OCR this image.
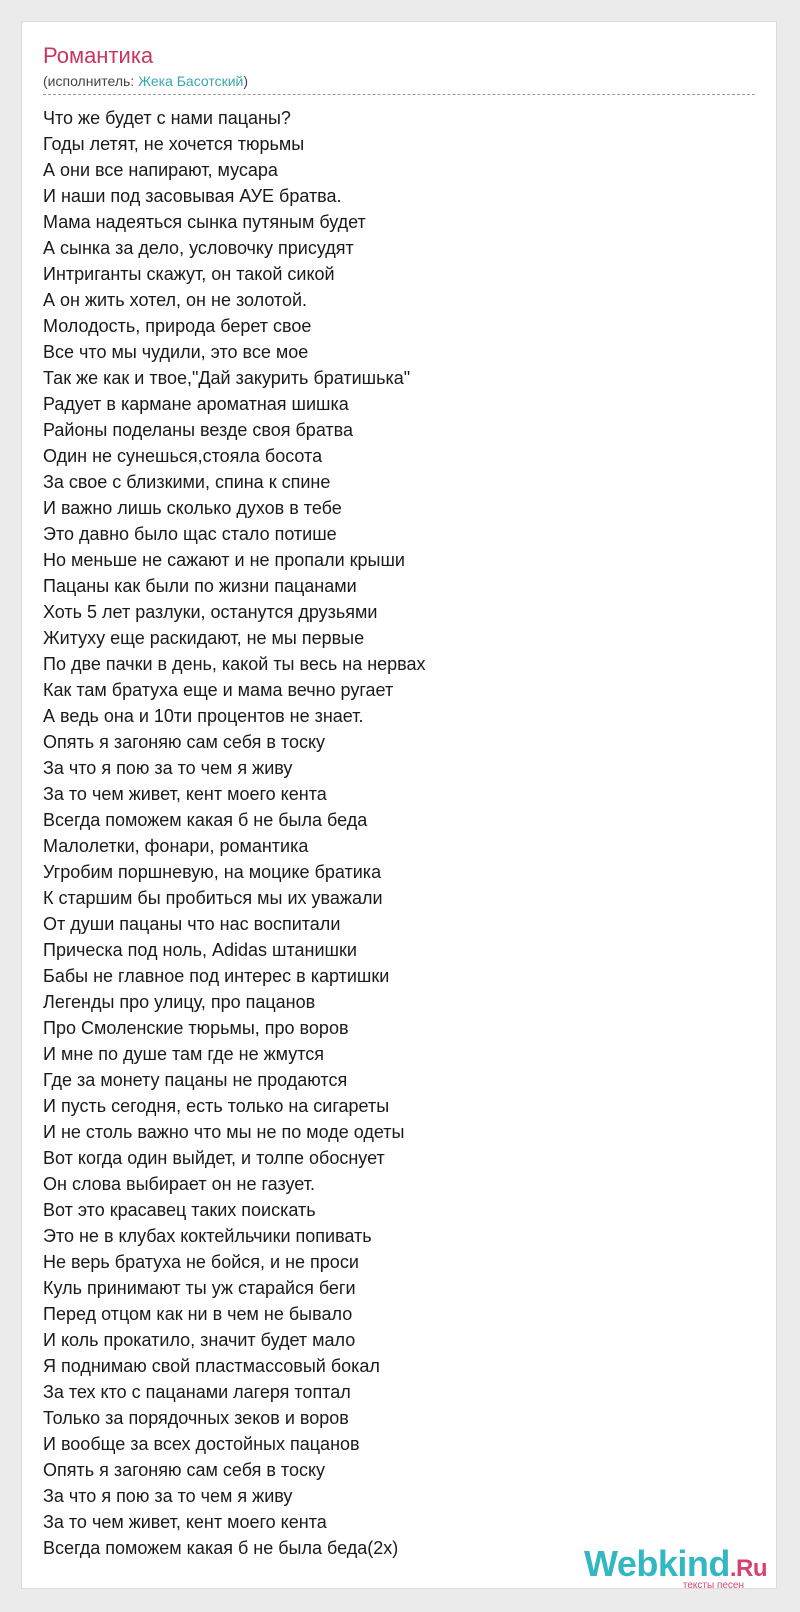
Романтика
(исполнитель: Жека Басотский)
Что же будет с нами пацаны?
Годы летят, не хочется тюрьмы
А они все напирают, мусара
И наши под засовывая АУЕ братва.
Мама надеяться сынка путяным будет
А сынка за дело, условочку присудят
Интриганты скажут, он такой сикой
А он жить хотел, он не золотой.
Молодость, природа берет свое
Все что мы чудили, это все мое
Так же как и твое,"Дай закурить братишька"
Радует в кармане ароматная шишка
Районы поделаны везде своя братва
Один не сунешься,стояла босота
За свое с близкими, спина к спине
И важно лишь сколько духов в тебе
Это давно было щас стало потише
Но меньше не сажают и не пропали крыши
Пацаны как были по жизни пацанами
Хоть 5 лет разлуки, останутся друзьями
Житуху еще раскидают, не мы первые
По две пачки в день, какой ты весь на нервах
Как там братуха еще и мама вечно ругает
А ведь она и 10ти процентов не знает.
Опять я загоняю сам себя в тоску
За что я пою за то чем я живу
За то чем живет, кент моего кента
Всегда поможем какая б не была беда
Малолетки, фонари, романтика
Угробим поршневую, на моцике братика
К старшим бы пробиться мы их уважали
От души пацаны что нас воспитали
Прическа под ноль, Adidas штанишки
Бабы не главное под интерес в картишки
Легенды про улицу, про пацанов
Про Смоленские тюрьмы, про воров
И мне по душе там где не жмутся
Где за монету пацаны не продаются
И пусть сегодня, есть только на сигареты
И не столь важно что мы не по моде одеты
Вот когда один выйдет, и толпе обоснует
Он слова выбирает он не газует.
Вот это красавец таких поискать
Это не в клубах коктейльчики попивать
Не верь братуха не бойся, и не проси
Куль принимают ты уж старайся беги
Перед отцом как ни в чем не бывало
И коль прокатило, значит будет мало
Я поднимаю свой пластмассовый бокал
За тех кто с пацанами лагеря топтал
Только за порядочных зеков и воров
И вообще за всех достойных пацанов
Опять я загоняю сам себя в тоску
За что я пою за то чем я живу
За то чем живет, кент моего кента
Всегда поможем какая б не была беда(2х)	Webkind.Ru
тексты песен
